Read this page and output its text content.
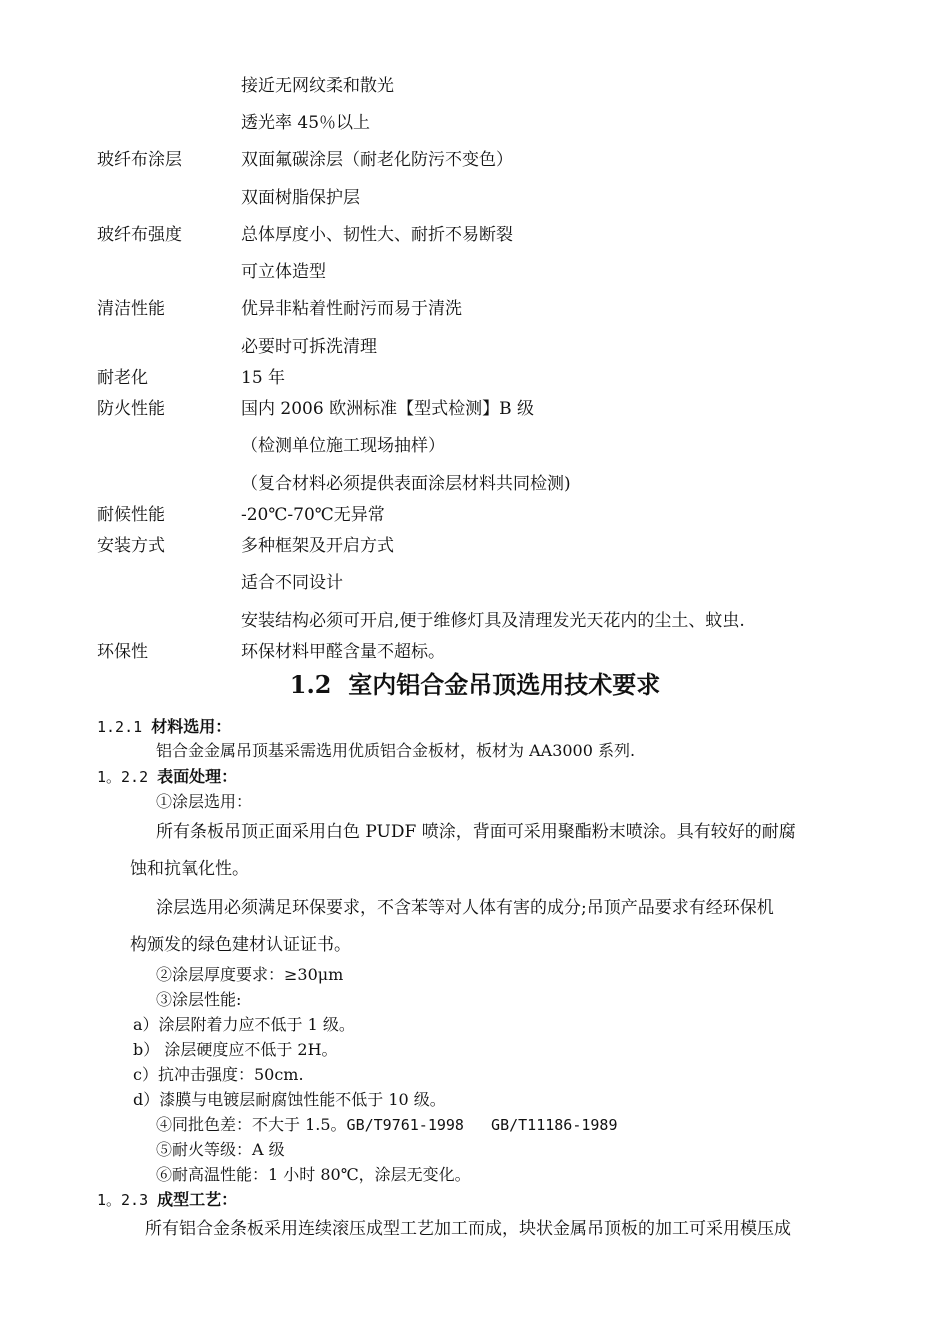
接近无网纹柔和散光
透光率 45％以上
玻纤布涂层	双面氟碳涂层（耐老化防污不变色）
双面树脂保护层
玻纤布强度	总体厚度小、韧性大、耐折不易断裂
可立体造型
清洁性能	优异非粘着性耐污而易于清洗
必要时可拆洗清理
耐老化	15 年
防火性能	国内 2006 欧洲标准【型式检测】B 级
（检测单位施工现场抽样）
（复合材料必须提供表面涂层材料共同检测)
耐候性能	-20℃-70℃无异常
安装方式	多种框架及开启方式
适合不同设计
安装结构必须可开启,便于维修灯具及清理发光天花内的尘土、蚊虫.
环保性	环保材料甲醛含量不超标。
1.2 室内铝合金吊顶选用技术要求
1.2.1 材料选用：
铝合金金属吊顶基采需选用优质铝合金板材，板材为 AA3000 系列.
1。2.2 表面处理：
①涂层选用：
所有条板吊顶正面采用白色 PUDF 喷涂，背面可采用聚酯粉末喷涂。具有较好的耐腐
蚀和抗氧化性。
涂层选用必须满足环保要求，不含苯等对人体有害的成分;吊顶产品要求有经环保机
构颁发的绿色建材认证证书。
②涂层厚度要求：≥30μm
③涂层性能:
a）涂层附着力应不低于 1 级。
b） 涂层硬度应不低于 2H。
c）抗冲击强度：50cm.
d）漆膜与电镀层耐腐蚀性能不低于 10 级。
④同批色差：不大于 1.5。GB/T9761-1998   GB/T11186-1989
⑤耐火等级：A 级
⑥耐高温性能：1 小时 80℃，涂层无变化。
1。2.3 成型工艺：
所有铝合金条板采用连续滚压成型工艺加工而成，块状金属吊顶板的加工可采用模压成
